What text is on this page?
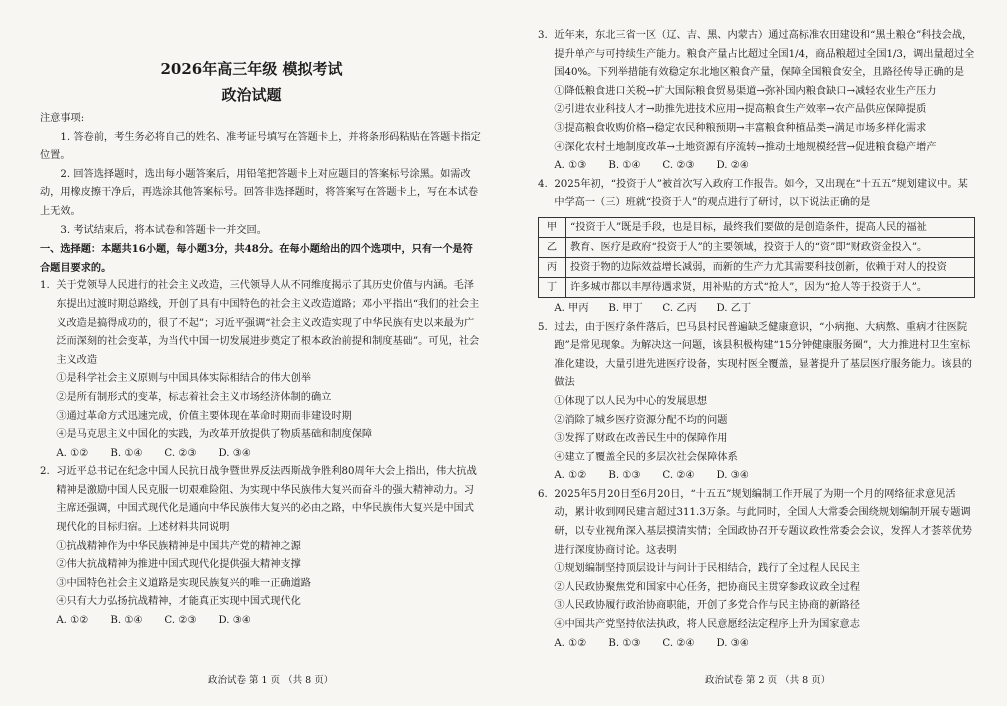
2026年高三年级 模拟考试
政治试题

注意事项:

1. 答卷前，考生务必将自己的姓名、准考证号填写在答题卡上，并将条形码粘贴在答题卡指定位置。

2. 回答选择题时，选出每小题答案后，用铅笔把答题卡上对应题目的答案标号涂黑。如需改动，用橡皮擦干净后，再选涂其他答案标号。回答非选择题时，将答案写在答题卡上，写在本试卷上无效。

3. 考试结束后，将本试卷和答题卡一并交回。

一、选择题：本题共16小题，每小题3分，共48分。在每小题给出的四个选项中，只有一个是符合题目要求的。

1. 关于党领导人民进行的社会主义改造，三代领导人从不同维度揭示了其历史价值与内涵。毛泽东提出过渡时期总路线，开创了具有中国特色的社会主义改造道路；邓小平指出“我们的社会主义改造是搞得成功的，很了不起”；习近平强调“社会主义改造实现了中华民族有史以来最为广泛而深刻的社会变革，为当代中国一切发展进步奠定了根本政治前提和制度基础”。可见，社会主义改造

①是科学社会主义原则与中国具体实际相结合的伟大创举

②是所有制形式的变革，标志着社会主义市场经济体制的确立

③通过革命方式迅速完成，价值主要体现在革命时期而非建设时期

④是马克思主义中国化的实践，为改革开放提供了物质基础和制度保障

A. ①②	B. ①④	C. ②③	D. ③④

2. 习近平总书记在纪念中国人民抗日战争暨世界反法西斯战争胜利80周年大会上指出，伟大抗战精神是激励中国人民克服一切艰难险阻、为实现中华民族伟大复兴而奋斗的强大精神动力。习主席还强调，中国式现代化是通向中华民族伟大复兴的必由之路，中华民族伟大复兴是中国式现代化的目标归宿。上述材料共同说明

①抗战精神作为中华民族精神是中国共产党的精神之源

②伟大抗战精神为推进中国式现代化提供强大精神支撑

③中国特色社会主义道路是实现民族复兴的唯一正确道路

④只有大力弘扬抗战精神，才能真正实现中国式现代化

A. ①②	B. ①④	C. ②③	D. ③④
政治试卷 第 1 页 （共 8 页）

3. 近年来，东北三省一区（辽、吉、黑、内蒙古）通过高标准农田建设和“黑土粮仓”科技会战，提升单产与可持续生产能力。粮食产量占比超过全国1/4，商品粮超过全国1/3，调出量超过全国40%。下列举措能有效稳定东北地区粮食产量，保障全国粮食安全，且路径传导正确的是

①降低粮食进口关税→扩大国际粮食贸易渠道→弥补国内粮食缺口→减轻农业生产压力

②引进农业科技人才→助推先进技术应用→提高粮食生产效率→农产品供应保障提质

③提高粮食收购价格→稳定农民种粮预期→丰富粮食种植品类→满足市场多样化需求

④深化农村土地制度改革→土地资源有序流转→推动土地规模经营→促进粮食稳产增产

A. ①③	B. ①④	C. ②③	D. ②④

4. 2025年初，“投资于人”被首次写入政府工作报告。如今，又出现在“十五五”规划建议中。某中学高一（三）班就“投资于人”的观点进行了研讨，以下说法正确的是

甲	“投资于人”既是手段，也是目标，最终我们要做的是创造条件，提高人民的福祉
乙	教育、医疗是政府“投资于人”的主要领域，投资于人的“资”即“财政资金投入”。
丙	投资于物的边际效益增长减弱，而新的生产力尤其需要科技创新，依赖于对人的投资
丁	许多城市都以丰厚待遇求贤，用补贴的方式“抢人”，因为“抢人等于投资于人”。
A. 甲丙	B. 甲丁	C. 乙丙	D. 乙丁

5. 过去，由于医疗条件落后，巴马县村民普遍缺乏健康意识，“小病拖、大病熬、重病才往医院跑”是常见现象。为解决这一问题，该县积极构建“15分钟健康服务圈”，大力推进村卫生室标准化建设，大量引进先进医疗设备，实现村医全覆盖，显著提升了基层医疗服务能力。该县的做法

①体现了以人民为中心的发展思想

②消除了城乡医疗资源分配不均的问题

③发挥了财政在改善民生中的保障作用

④建立了覆盖全民的多层次社会保障体系

A. ①②	B. ①③	C. ②④	D. ③④

6. 2025年5月20日至6月20日，“十五五”规划编制工作开展了为期一个月的网络征求意见活动，累计收到网民建言超过311.3万条。与此同时，全国人大常委会围绕规划编制开展专题调研，以专业视角深入基层摸清实情；全国政协召开专题议政性常委会会议，发挥人才荟萃优势进行深度协商讨论。这表明

①规划编制坚持顶层设计与问计于民相结合，践行了全过程人民民主

②人民政协聚焦党和国家中心任务，把协商民主贯穿参政议政全过程

③人民政协履行政治协商职能，开创了多党合作与民主协商的新路径

④中国共产党坚持依法执政，将人民意愿经法定程序上升为国家意志

A. ①②	B. ①③	C. ②④	D. ③④
政治试卷 第 2 页 （共 8 页）
